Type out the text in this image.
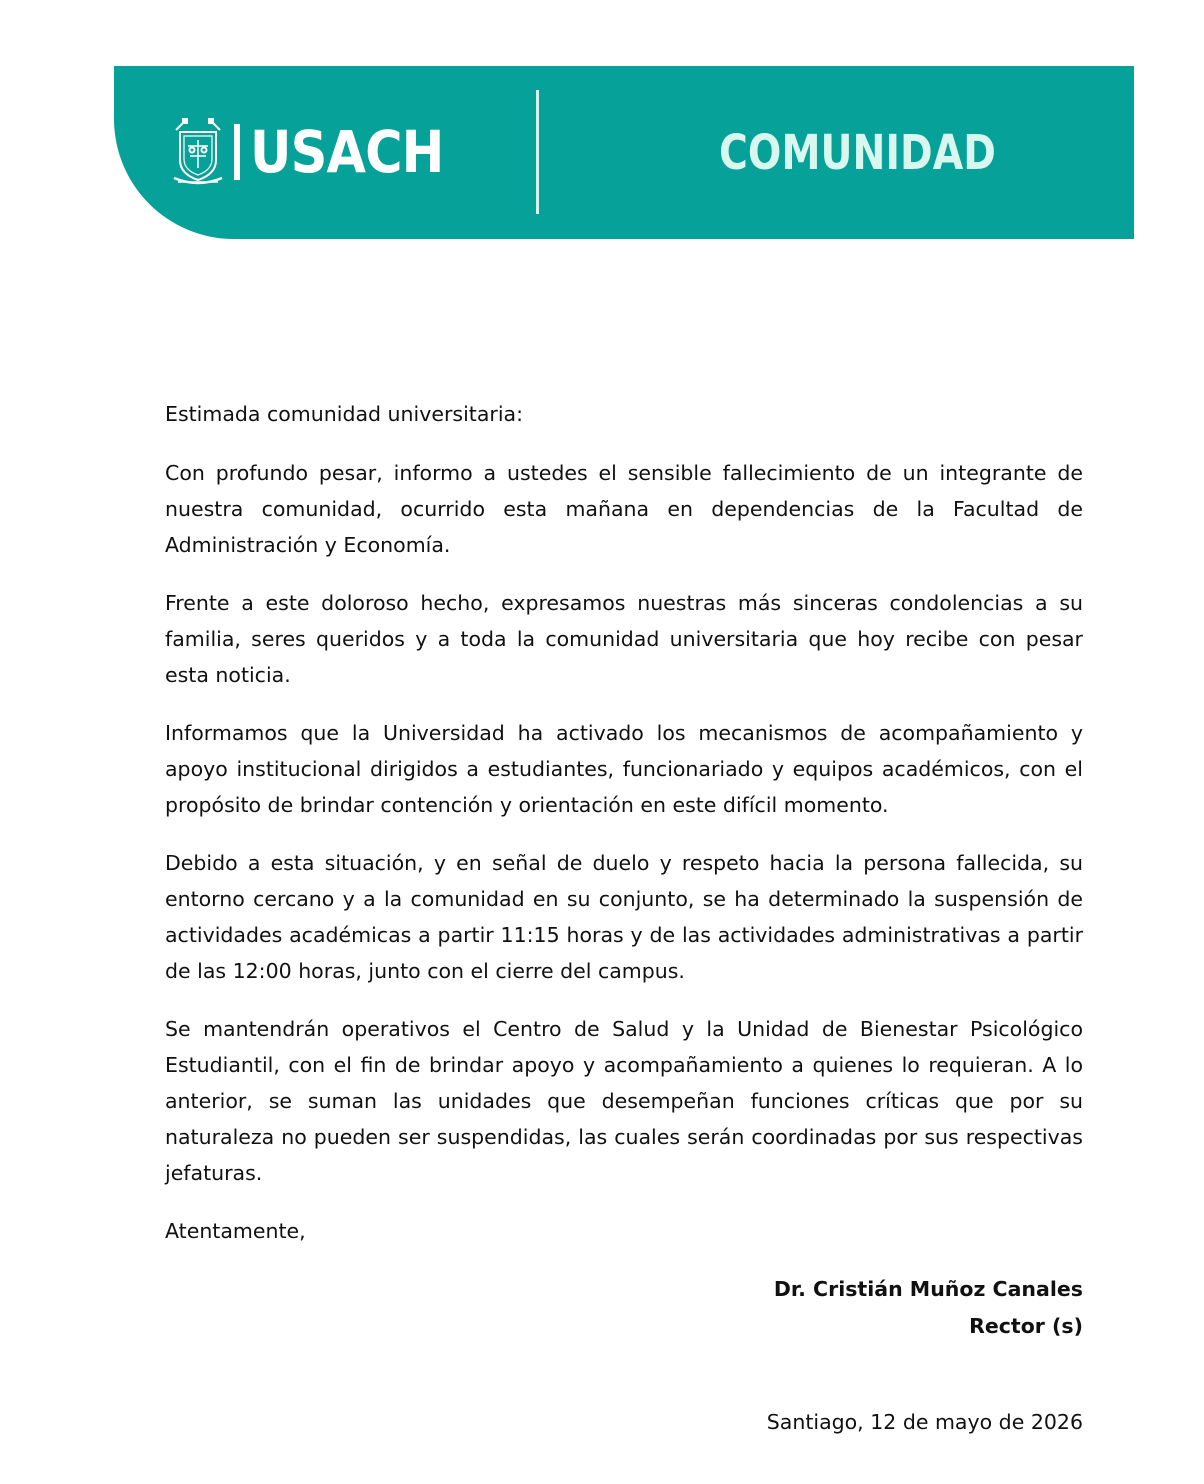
USACH	COMUNIDAD

Estimada comunidad universitaria:

Con profundo pesar, informo a ustedes el sensible fallecimiento de un integrante de nuestra comunidad, ocurrido esta mañana en dependencias de la Facultad de Administración y Economía.

Frente a este doloroso hecho, expresamos nuestras más sinceras condolencias a su familia, seres queridos y a toda la comunidad universitaria que hoy recibe con pesar esta noticia.

Informamos que la Universidad ha activado los mecanismos de acompañamiento y apoyo institucional dirigidos a estudiantes, funcionariado y equipos académicos, con el propósito de brindar contención y orientación en este difícil momento.

Debido a esta situación, y en señal de duelo y respeto hacia la persona fallecida, su entorno cercano y a la comunidad en su conjunto, se ha determinado la suspensión de actividades académicas a partir 11:15 horas y de las actividades administrativas a partir de las 12:00 horas, junto con el cierre del campus.

Se mantendrán operativos el Centro de Salud y la Unidad de Bienestar Psicológico Estudiantil, con el fin de brindar apoyo y acompañamiento a quienes lo requieran. A lo anterior, se suman las unidades que desempeñan funciones críticas que por su naturaleza no pueden ser suspendidas, las cuales serán coordinadas por sus respectivas jefaturas.

Atentamente,

Dr. Cristián Muñoz Canales
Rector (s)
Santiago, 12 de mayo de 2026
